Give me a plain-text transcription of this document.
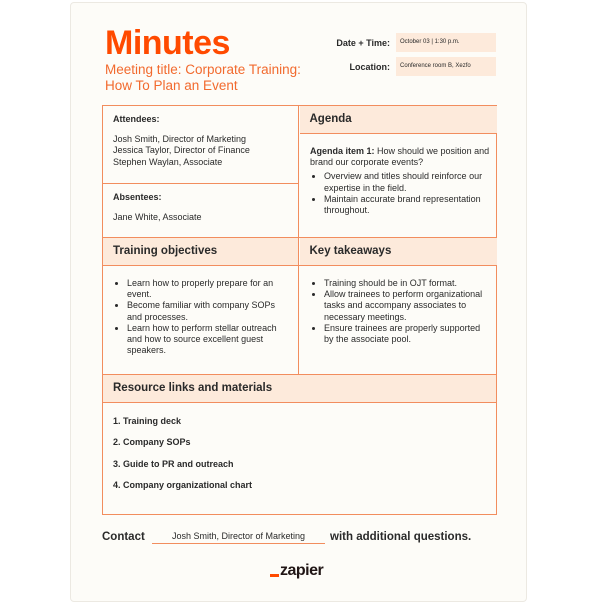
Minutes
Meeting title: Corporate Training: How To Plan an Event
Date + Time:	October 03 | 1:30 p.m.
Location:	Conference room B, Xezfo
Attendees:
Josh Smith, Director of Marketing
Jessica Taylor, Director of Finance
Stephen Waylan, Associate
Absentees:
Jane White, Associate
Agenda
Agenda item 1: How should we position and brand our corporate events?
• Overview and titles should reinforce our expertise in the field.
• Maintain accurate brand representation throughout.
Training objectives	Key takeaways
• Learn how to properly prepare for an event.
• Become familiar with company SOPs and processes.
• Learn how to perform stellar outreach and how to source excellent guest speakers.
• Training should be in OJT format.
• Allow trainees to perform organizational tasks and accompany associates to necessary meetings.
• Ensure trainees are properly supported by the associate pool.
Resource links and materials
1. Training deck
2. Company SOPs
3. Guide to PR and outreach
4. Company organizational chart
Contact	Josh Smith, Director of Marketing	with additional questions.
zapier
